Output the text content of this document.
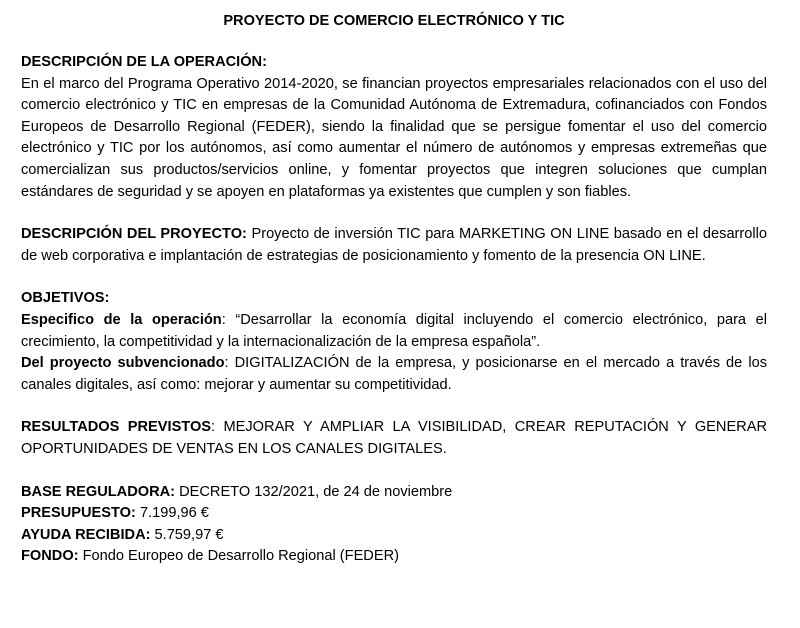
PROYECTO DE COMERCIO ELECTRÓNICO Y TIC
DESCRIPCIÓN DE LA OPERACIÓN:
En el marco del Programa Operativo 2014-2020, se financian proyectos empresariales relacionados con el uso del comercio electrónico y TIC en empresas de la Comunidad Autónoma de Extremadura, cofinanciados con Fondos Europeos de Desarrollo Regional (FEDER), siendo la finalidad que se persigue fomentar el uso del comercio electrónico y TIC por los autónomos, así como aumentar el número de autónomos y empresas extremeñas que comercializan sus productos/servicios online, y fomentar proyectos que integren soluciones que cumplan estándares de seguridad y se apoyen en plataformas ya existentes que cumplen y son fiables.
DESCRIPCIÓN DEL PROYECTO: Proyecto de inversión TIC para MARKETING ON LINE basado en el desarrollo de web corporativa e implantación de estrategias de posicionamiento y fomento de la presencia ON LINE.
OBJETIVOS:
Especifico de la operación: “Desarrollar la economía digital incluyendo el comercio electrónico, para el crecimiento, la competitividad y la internacionalización de la empresa española”.
Del proyecto subvencionado: DIGITALIZACIÓN de la empresa, y posicionarse en el mercado a través de los canales digitales, así como: mejorar y aumentar su competitividad.
RESULTADOS PREVISTOS: MEJORAR Y AMPLIAR LA VISIBILIDAD, CREAR REPUTACIÓN Y GENERAR OPORTUNIDADES DE VENTAS EN LOS CANALES DIGITALES.
BASE REGULADORA: DECRETO 132/2021, de 24 de noviembre
PRESUPUESTO: 7.199,96 €
AYUDA RECIBIDA: 5.759,97 €
FONDO: Fondo Europeo de Desarrollo Regional (FEDER)
